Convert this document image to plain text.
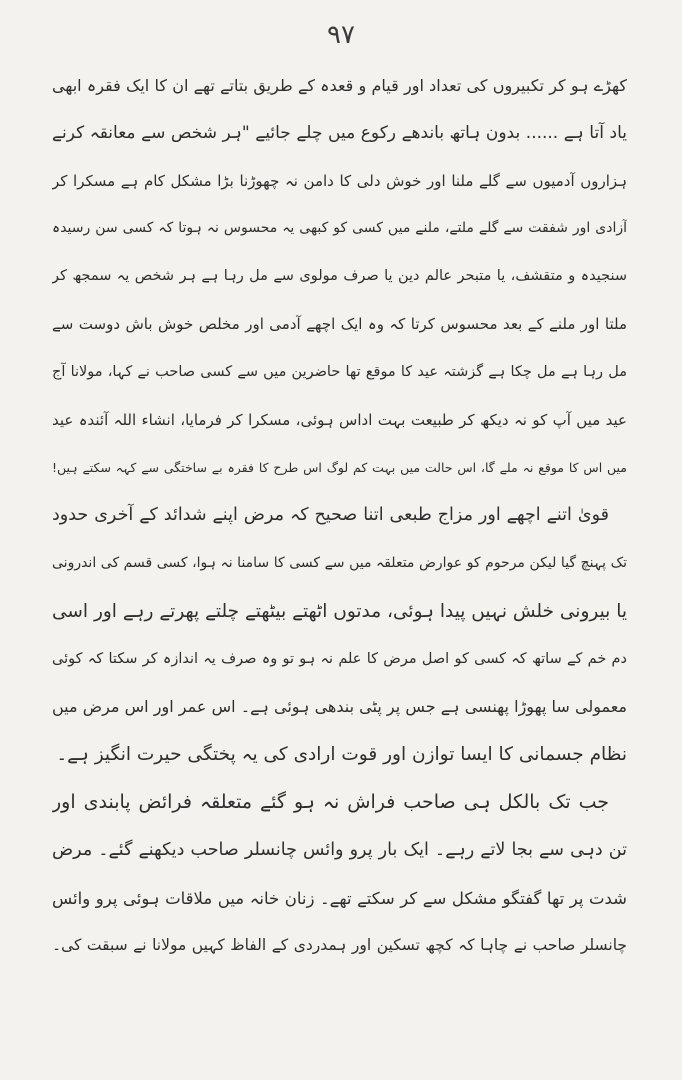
۹۷
کھڑے ہو کر تکبیروں کی تعداد اور قیام و قعدہ کے طریق بتاتے تھے ان کا ایک فقرہ ابھی
یاد آتا ہے ...... بدون ہاتھ باندھے رکوع میں چلے جائیے "ہر شخص سے معانقہ کرنے
ہزاروں آدمیوں سے گلے ملنا اور خوش دلی کا دامن نہ چھوڑنا بڑا مشکل کام ہے مسکرا کر
آزادی اور شفقت سے گلے ملتے، ملنے میں کسی کو کبھی یہ محسوس نہ ہوتا کہ کسی سن رسیدہ
سنجیدہ و متقشف، یا متبحر عالم دین یا صرف مولوی سے مل رہا ہے ہر شخص یہ سمجھ کر
ملتا اور ملنے کے بعد محسوس کرتا کہ وہ ایک اچھے آدمی اور مخلص خوش باش دوست سے
مل رہا ہے مل چکا ہے گزشتہ عید کا موقع تھا حاضرین میں سے کسی صاحب نے کہا، مولانا آج
عید میں آپ کو نہ دیکھ کر طبیعت بہت اداس ہوئی، مسکرا کر فرمایا، انشاء اللہ آئندہ عید
میں اس کا موقع نہ ملے گا، اس حالت میں بہت کم لوگ اس طرح کا فقرہ بے ساختگی سے کہہ سکتے ہیں!
قویٰ اتنے اچھے اور مزاج طبعی اتنا صحیح کہ مرض اپنے شدائد کے آخری حدود
تک پہنچ گیا لیکن مرحوم کو عوارض متعلقہ میں سے کسی کا سامنا نہ ہوا، کسی قسم کی اندرونی
یا بیرونی خلش نہیں پیدا ہوئی، مدتوں اٹھتے بیٹھتے چلتے پھرتے رہے اور اسی
دم خم کے ساتھ کہ کسی کو اصل مرض کا علم نہ ہو تو وہ صرف یہ اندازہ کر سکتا کہ کوئی
معمولی سا پھوڑا پھنسی ہے جس پر پٹی بندھی ہوئی ہے۔ اس عمر اور اس مرض میں
نظام جسمانی کا ایسا توازن اور قوت ارادی کی یہ پختگی حیرت انگیز ہے۔
جب تک بالکل ہی صاحب فراش نہ ہو گئے متعلقہ فرائض پابندی اور
تن دہی سے بجا لاتے رہے۔ ایک بار پرو وائس چانسلر صاحب دیکھنے گئے۔ مرض
شدت پر تھا گفتگو مشکل سے کر سکتے تھے۔ زنان خانہ میں ملاقات ہوئی پرو وائس
چانسلر صاحب نے چاہا کہ کچھ تسکین اور ہمدردی کے الفاظ کہیں مولانا نے سبقت کی۔
